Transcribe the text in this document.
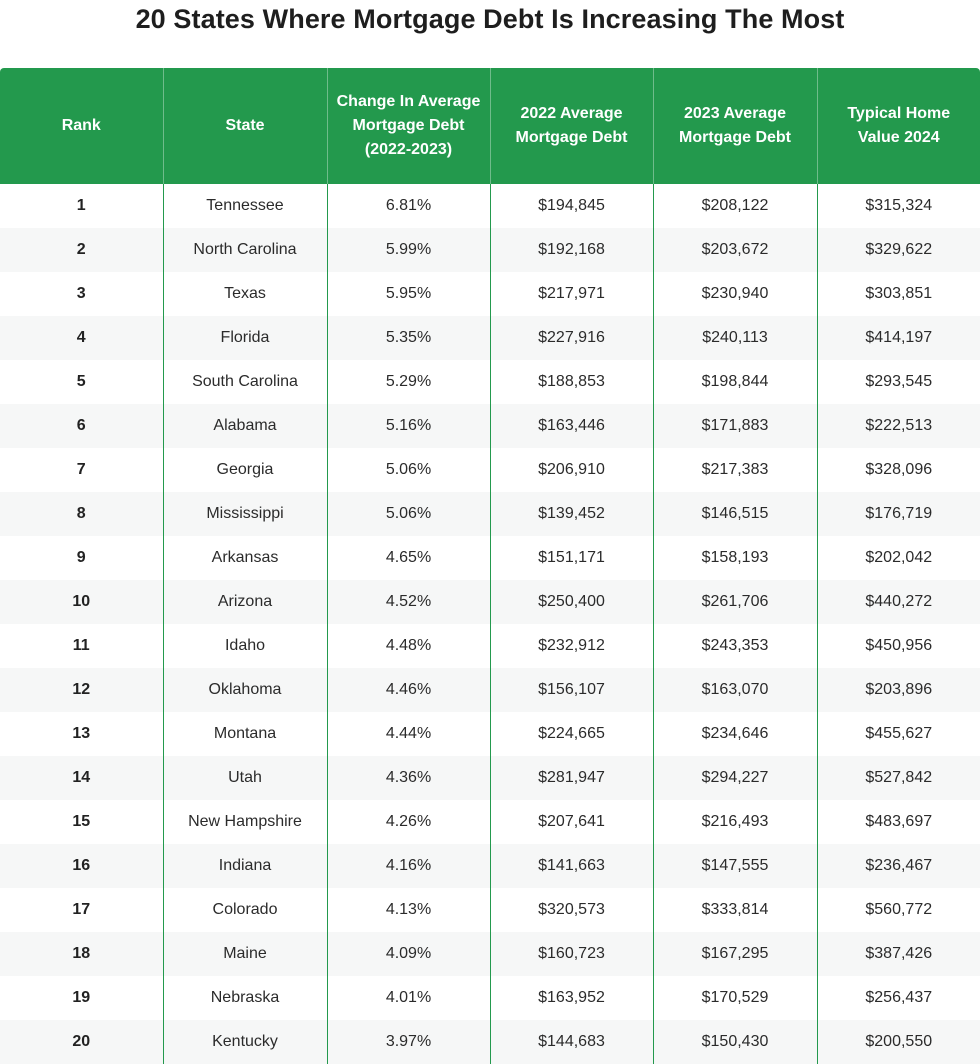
20 States Where Mortgage Debt Is Increasing The Most
Rank	State	Change In Average Mortgage Debt (2022-2023)	2022 Average Mortgage Debt	2023 Average Mortgage Debt	Typical Home Value 2024
1	Tennessee	6.81%	$194,845	$208,122	$315,324
2	North Carolina	5.99%	$192,168	$203,672	$329,622
3	Texas	5.95%	$217,971	$230,940	$303,851
4	Florida	5.35%	$227,916	$240,113	$414,197
5	South Carolina	5.29%	$188,853	$198,844	$293,545
6	Alabama	5.16%	$163,446	$171,883	$222,513
7	Georgia	5.06%	$206,910	$217,383	$328,096
8	Mississippi	5.06%	$139,452	$146,515	$176,719
9	Arkansas	4.65%	$151,171	$158,193	$202,042
10	Arizona	4.52%	$250,400	$261,706	$440,272
11	Idaho	4.48%	$232,912	$243,353	$450,956
12	Oklahoma	4.46%	$156,107	$163,070	$203,896
13	Montana	4.44%	$224,665	$234,646	$455,627
14	Utah	4.36%	$281,947	$294,227	$527,842
15	New Hampshire	4.26%	$207,641	$216,493	$483,697
16	Indiana	4.16%	$141,663	$147,555	$236,467
17	Colorado	4.13%	$320,573	$333,814	$560,772
18	Maine	4.09%	$160,723	$167,295	$387,426
19	Nebraska	4.01%	$163,952	$170,529	$256,437
20	Kentucky	3.97%	$144,683	$150,430	$200,550
